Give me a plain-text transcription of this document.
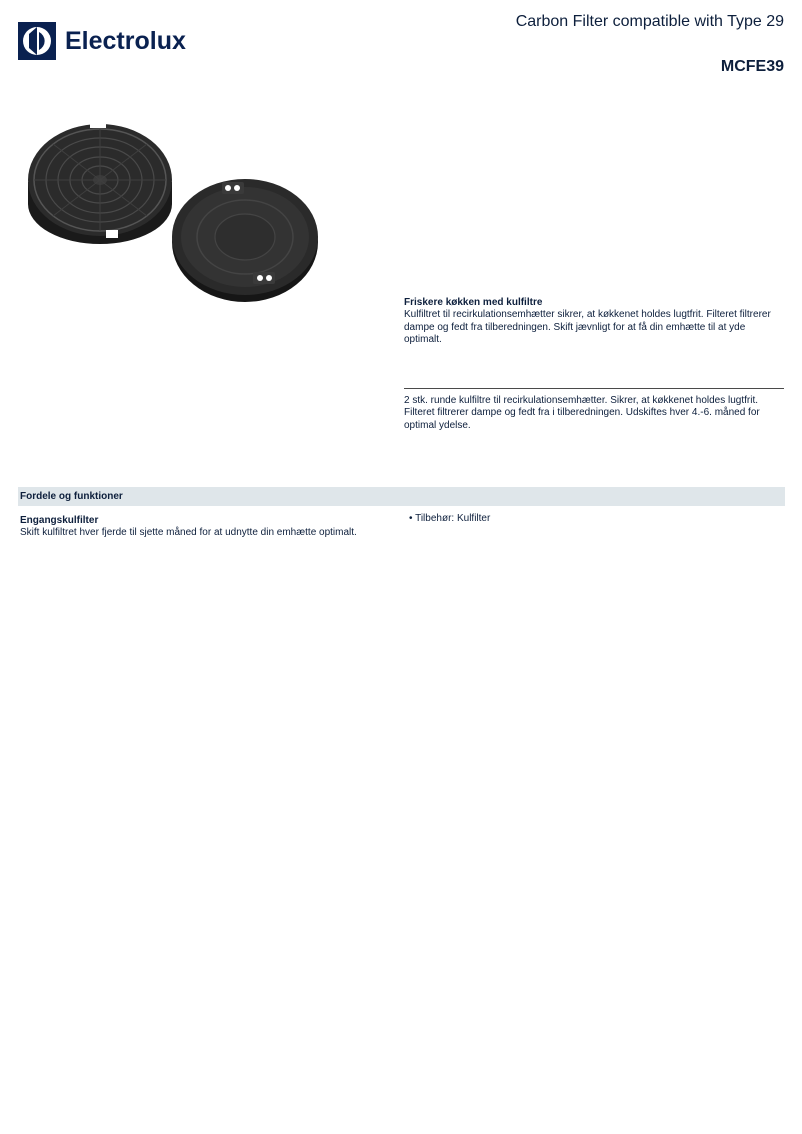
Electrolux
Carbon Filter compatible with Type 29
MCFE39
Friskere køkken med kulfiltre
Kulfiltret til recirkulationsemhætter sikrer, at køkkenet holdes lugtfrit. Filteret filtrerer dampe og fedt fra tilberedningen. Skift jævnligt for at få din emhætte til at yde optimalt.
2 stk. runde kulfiltre til recirkulationsemhætter. Sikrer, at køkkenet holdes lugtfrit. Filteret filtrerer dampe og fedt fra i tilberedningen. Udskiftes hver 4.-6. måned for optimal ydelse.
Fordele og funktioner
Engangskulfilter
Skift kulfiltret hver fjerde til sjette måned for at udnytte din emhætte optimalt.
• Tilbehør: Kulfilter
